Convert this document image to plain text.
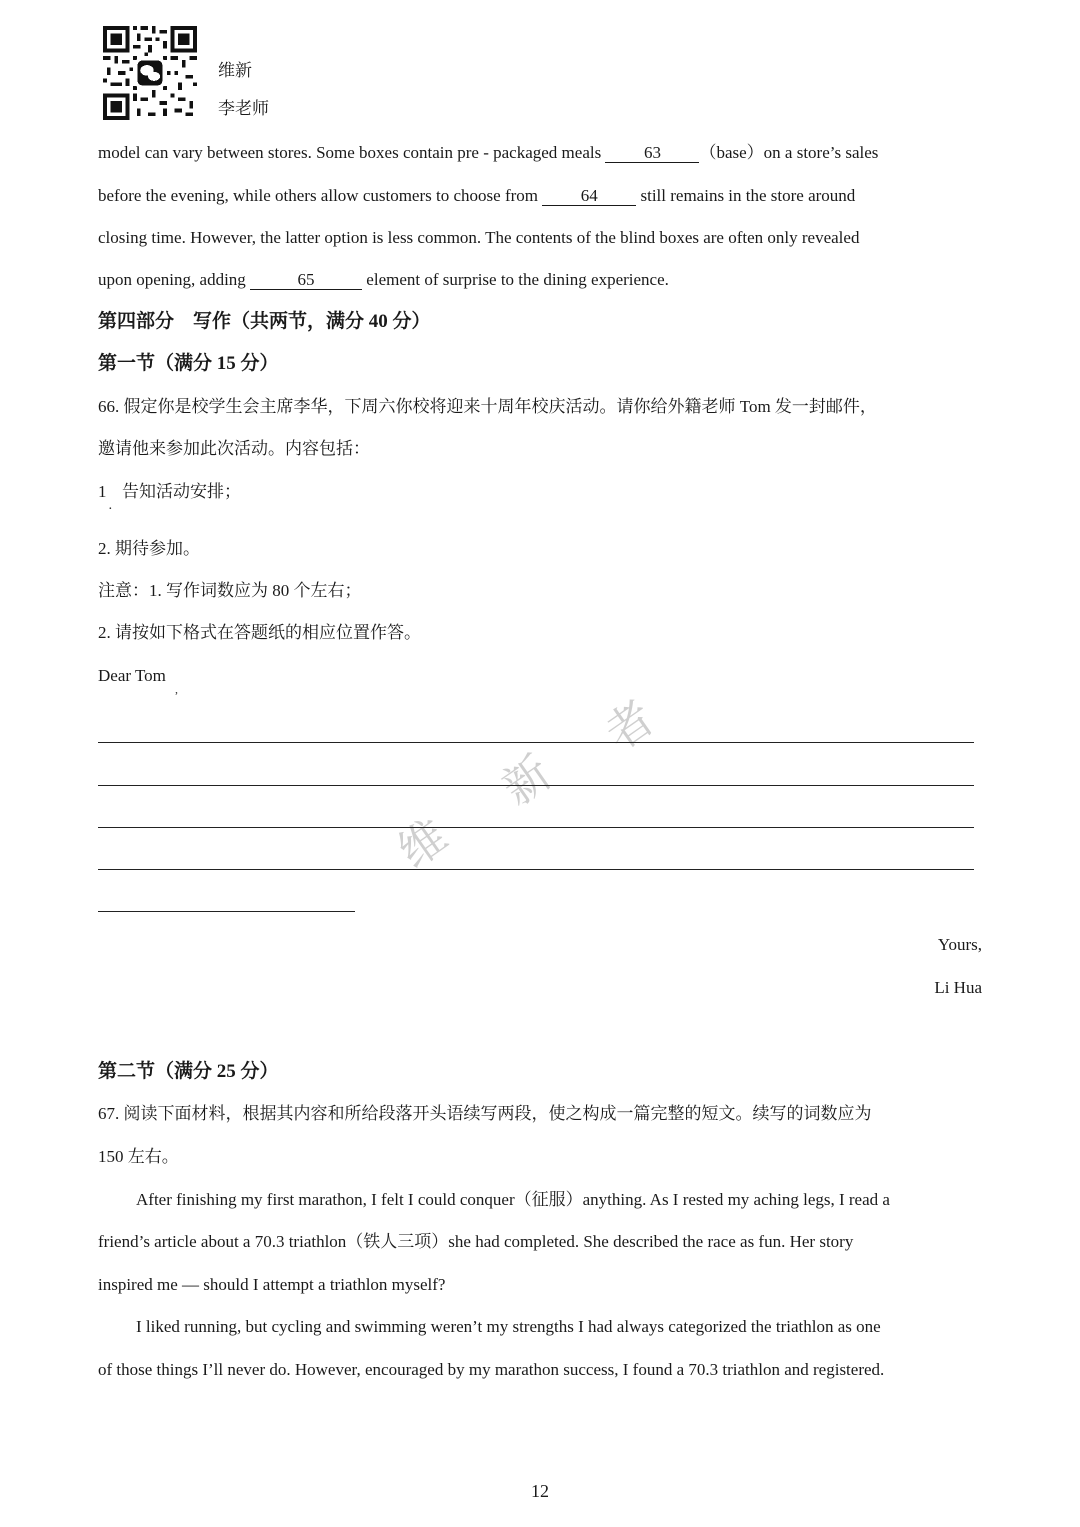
维新
李老师
model can vary between stores. Some boxes contain pre - packaged meals 63 （base）on a store’s sales
before the evening, while others allow customers to choose from 64 still remains in the store around
closing time. However, the latter option is less common. The contents of the blind boxes are often only revealed
upon opening, adding	65	element of surprise to the dining experience.
第四部分　写作（共两节，满分 40 分）
第一节（满分 15 分）
66. 假定你是校学生会主席李华，下周六你校将迎来十周年校庆活动。请你给外籍老师 Tom 发一封邮件，
邀请他来参加此次活动。内容包括：
1 告知活动安排；
·
2. 期待参加。
注意：1. 写作词数应为 80 个左右；
2. 请按如下格式在答题纸的相应位置作答。
Dear Tom
,
维
新
者
Yours,
Li Hua
第二节（满分 25 分）
67. 阅读下面材料，根据其内容和所给段落开头语续写两段，使之构成一篇完整的短文。续写的词数应为
150 左右。
After finishing my first marathon, I felt I could conquer（征服）anything. As I rested my aching legs, I read a
friend’s article about a 70.3 triathlon（铁人三项）she had completed. She described the race as fun. Her story
inspired me — should I attempt a triathlon myself?
I liked running, but cycling and swimming weren’t my strengths I had always categorized the triathlon as one
of those things I’ll never do. However, encouraged by my marathon success, I found a 70.3 triathlon and registered.
12
